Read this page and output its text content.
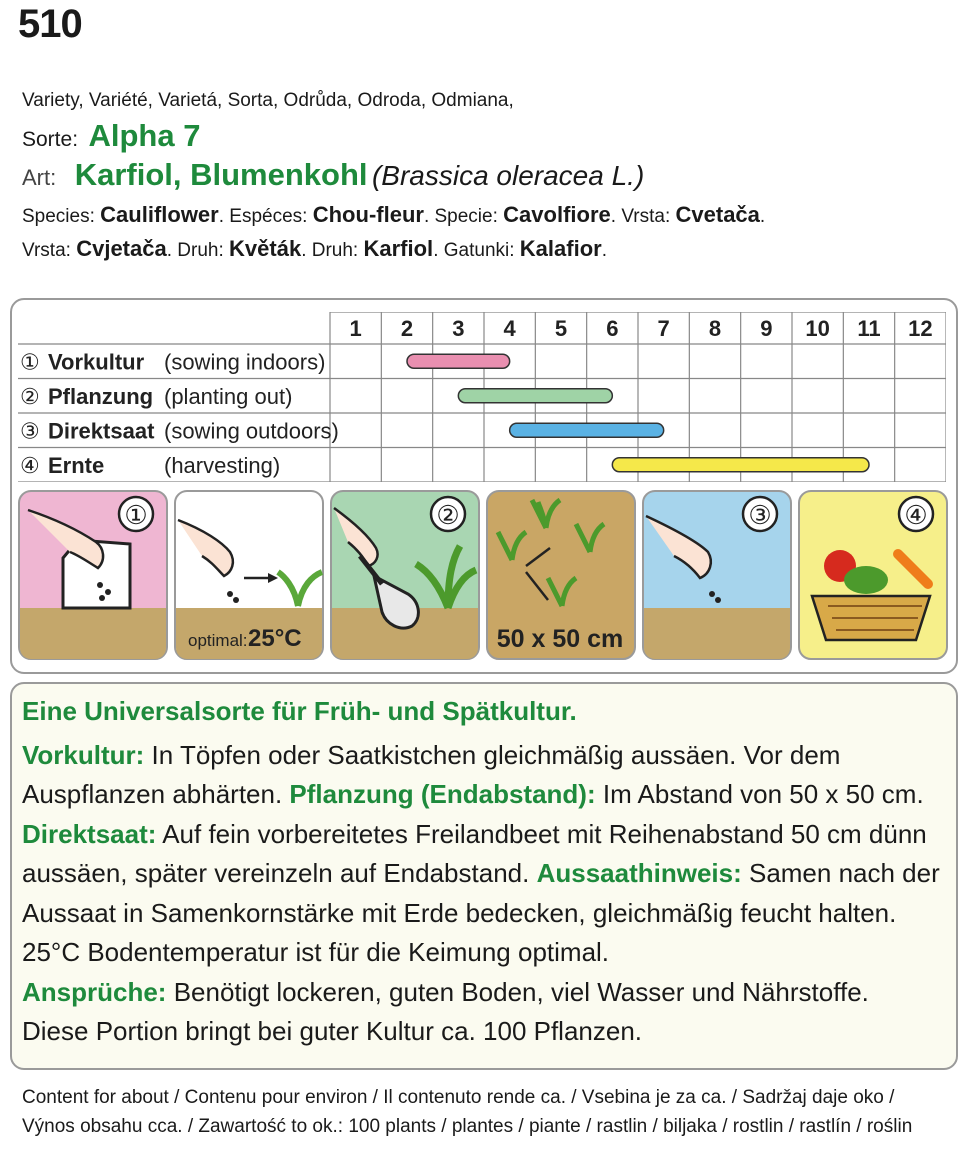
510
Variety, Variété, Varietá, Sorta, Odrůda, Odroda, Odmiana,
Sorte: Alpha 7
Art: Karfiol, Blumenkohl (Brassica oleracea L.)
Species: Cauliflower. Espéces: Chou-fleur. Specie: Cavolfiore. Vrsta: Cvetača.
Vrsta: Cvjetača. Druh: Květák. Druh: Karfiol. Gatunki: Kalafior.
1 2 3 4 5 6 7 8 9 10 11 12
① Vorkultur (sowing indoors)
② Pflanzung (planting out)
③ Direktsaat (sowing outdoors)
④ Ernte	(harvesting)
①
optimal: 25°C
②
50 x 50 cm
③	④

Eine Universalsorte für Früh- und Spätkultur.

Vorkultur: In Töpfen oder Saatkistchen gleichmäßig aussäen. Vor dem Auspflanzen abhärten. Pflanzung (Endabstand): Im Abstand von 50 x 50 cm.

Direktsaat: Auf fein vorbereitetes Freilandbeet mit Reihenabstand 50 cm dünn aussäen, später vereinzeln auf Endabstand. Aussaathinweis: Samen nach der Aussaat in Samenkornstärke mit Erde bedecken, gleichmäßig feucht halten. 25°C Bodentemperatur ist für die Keimung optimal.

Ansprüche: Benötigt lockeren, guten Boden, viel Wasser und Nährstoffe. Diese Portion bringt bei guter Kultur ca. 100 Pflanzen.

Content for about / Contenu pour environ / Il contenuto rende ca. / Vsebina je za ca. / Sadržaj daje oko /
Výnos obsahu cca. / Zawartość to ok.: 100 plants / plantes / piante / rastlin / biljaka / rostlin / rastlín / roślin
